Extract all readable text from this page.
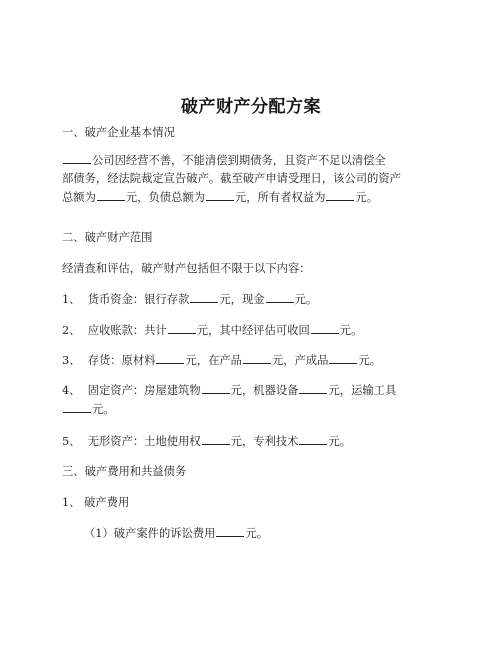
破产财产分配方案
一、破产企业基本情况
公司因经营不善，不能清偿到期债务，且资产不足以清偿全
部债务，经法院裁定宣告破产。截至破产申请受理日，该公司的资产
总额为	元，负债总额为	元，所有者权益为	元。
二、破产财产范围
经清查和评估，破产财产包括但不限于以下内容：
1、 货币资金：银行存款	元，现金	元。
2、 应收账款：共计	元，其中经评估可收回	元。
3、 存货：原材料	元，在产品	元，产成品	元。
4、 固定资产：房屋建筑物	元，机器设备	元，运输工具
元。
5、 无形资产：土地使用权	元，专利技术	元。
三、破产费用和共益债务
1、 破产费用
（1）破产案件的诉讼费用	元。
